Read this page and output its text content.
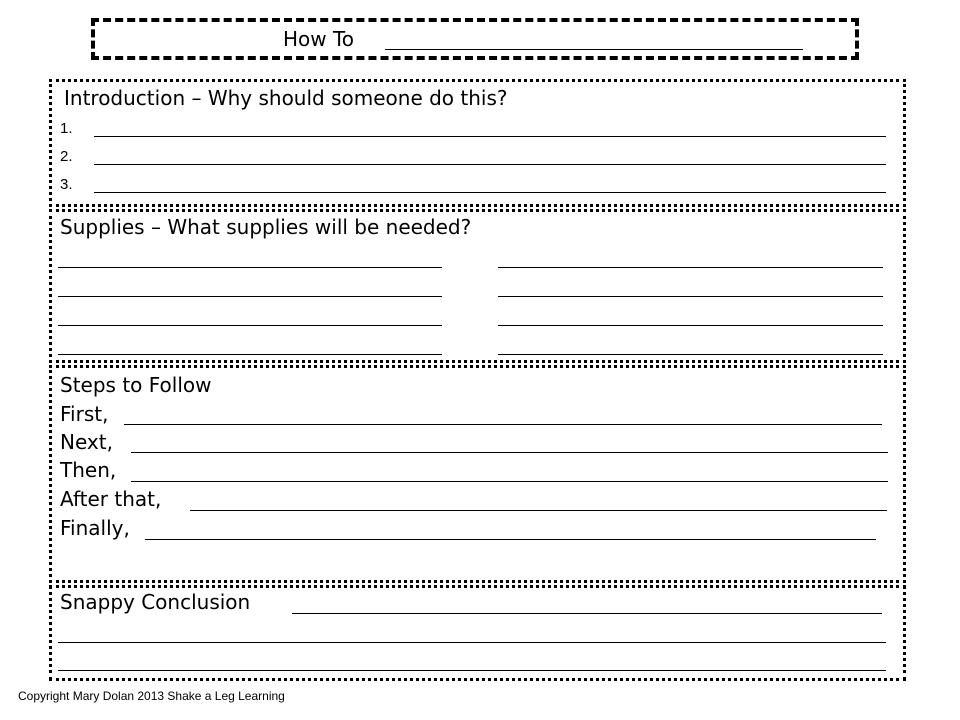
How To
Introduction – Why should someone do this?
1.
2.
3.
Supplies – What supplies will be needed?
Steps to Follow
First,
Next,
Then,
After that,
Finally,
Snappy Conclusion
Copyright Mary Dolan 2013 Shake a Leg Learning
